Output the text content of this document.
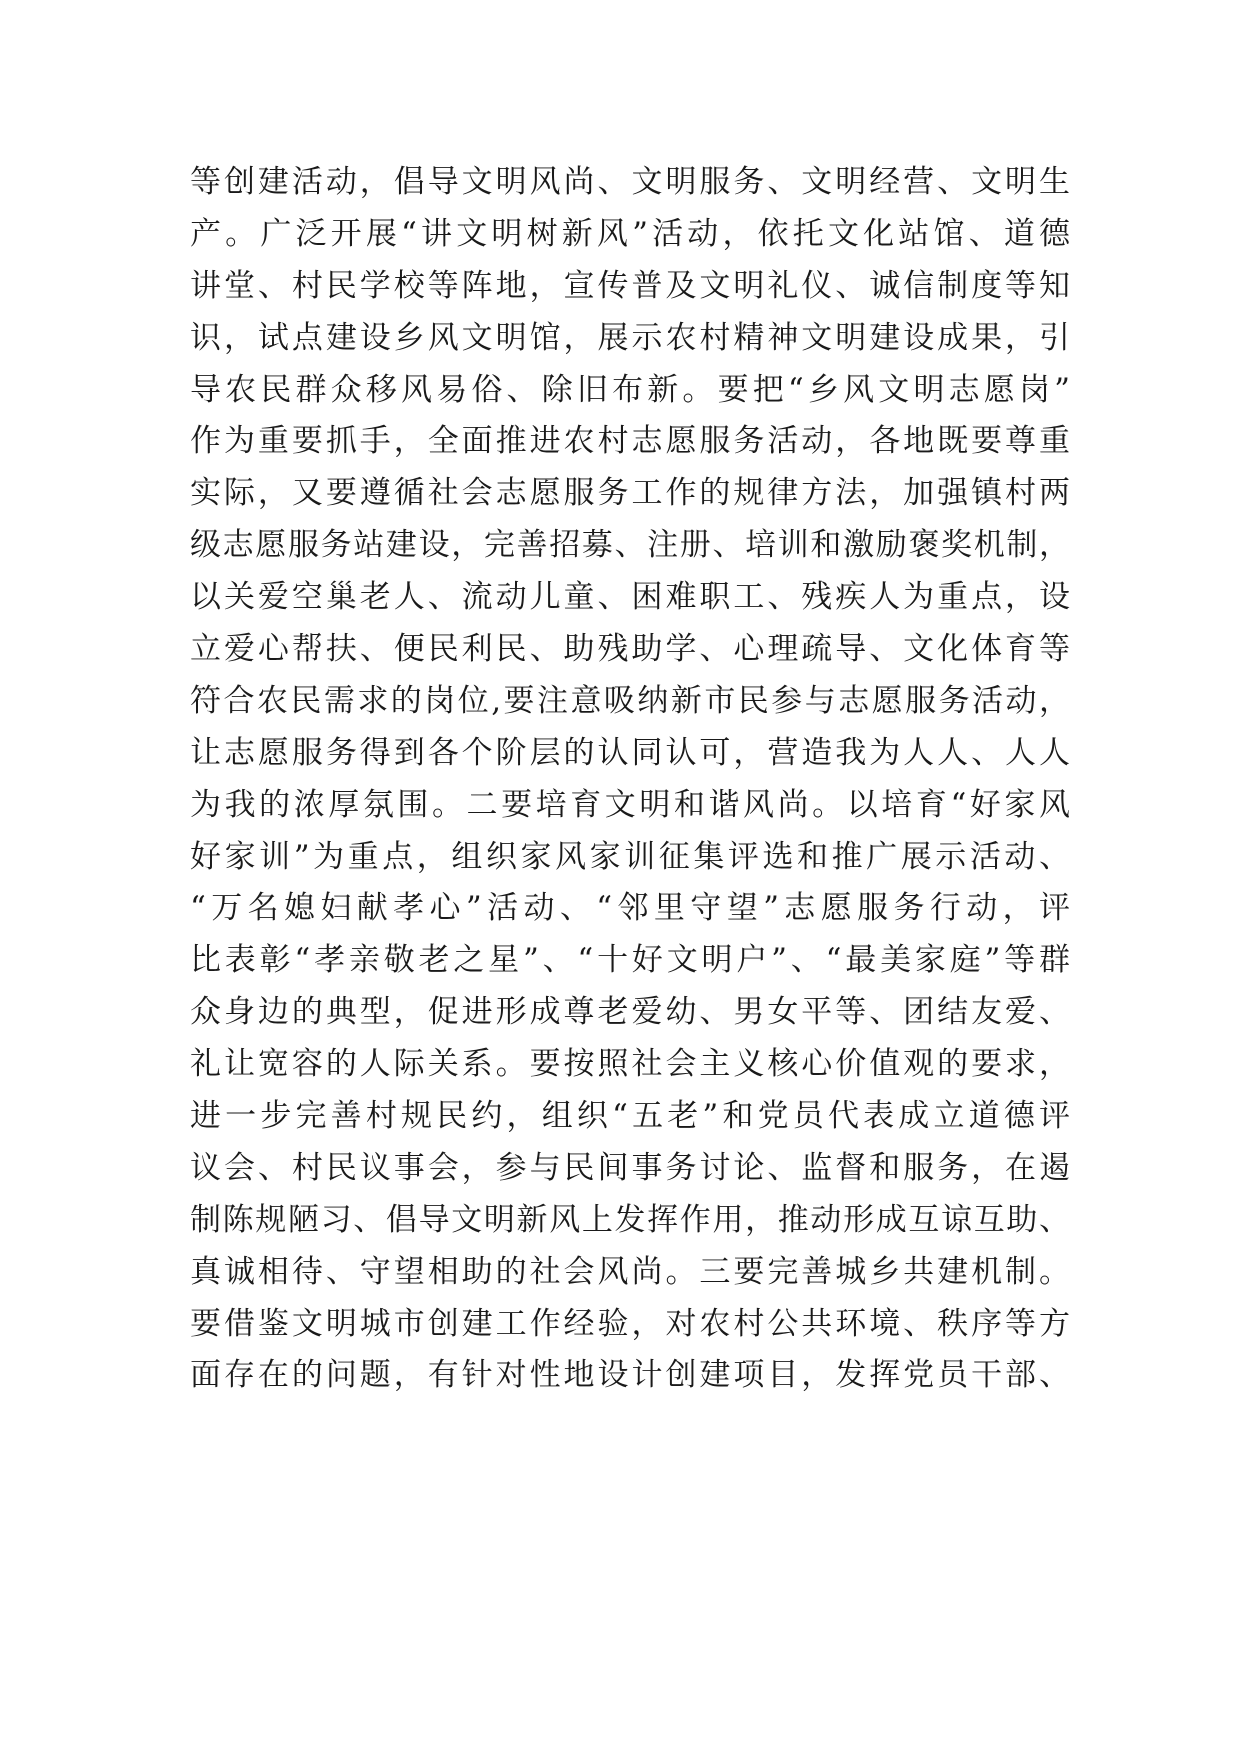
等创建活动，倡导文明风尚、文明服务、文明经营、文明生
产。广泛开展“讲文明树新风”活动，依托文化站馆、道德
讲堂、村民学校等阵地，宣传普及文明礼仪、诚信制度等知
识，试点建设乡风文明馆，展示农村精神文明建设成果，引
导农民群众移风易俗、除旧布新。要把“乡风文明志愿岗”
作为重要抓手，全面推进农村志愿服务活动，各地既要尊重
实际，又要遵循社会志愿服务工作的规律方法，加强镇村两
级志愿服务站建设，完善招募、注册、培训和激励褒奖机制，
以关爱空巢老人、流动儿童、困难职工、残疾人为重点，设
立爱心帮扶、便民利民、助残助学、心理疏导、文化体育等
符合农民需求的岗位,要注意吸纳新市民参与志愿服务活动，
让志愿服务得到各个阶层的认同认可，营造我为人人、人人
为我的浓厚氛围。二要培育文明和谐风尚。以培育“好家风
好家训”为重点，组织家风家训征集评选和推广展示活动、
“万名媳妇献孝心”活动、“邻里守望”志愿服务行动，评
比表彰“孝亲敬老之星”、“十好文明户”、“最美家庭”等群
众身边的典型，促进形成尊老爱幼、男女平等、团结友爱、
礼让宽容的人际关系。要按照社会主义核心价值观的要求，
进一步完善村规民约，组织“五老”和党员代表成立道德评
议会、村民议事会，参与民间事务讨论、监督和服务，在遏
制陈规陋习、倡导文明新风上发挥作用，推动形成互谅互助、
真诚相待、守望相助的社会风尚。三要完善城乡共建机制。
要借鉴文明城市创建工作经验，对农村公共环境、秩序等方
面存在的问题，有针对性地设计创建项目，发挥党员干部、
